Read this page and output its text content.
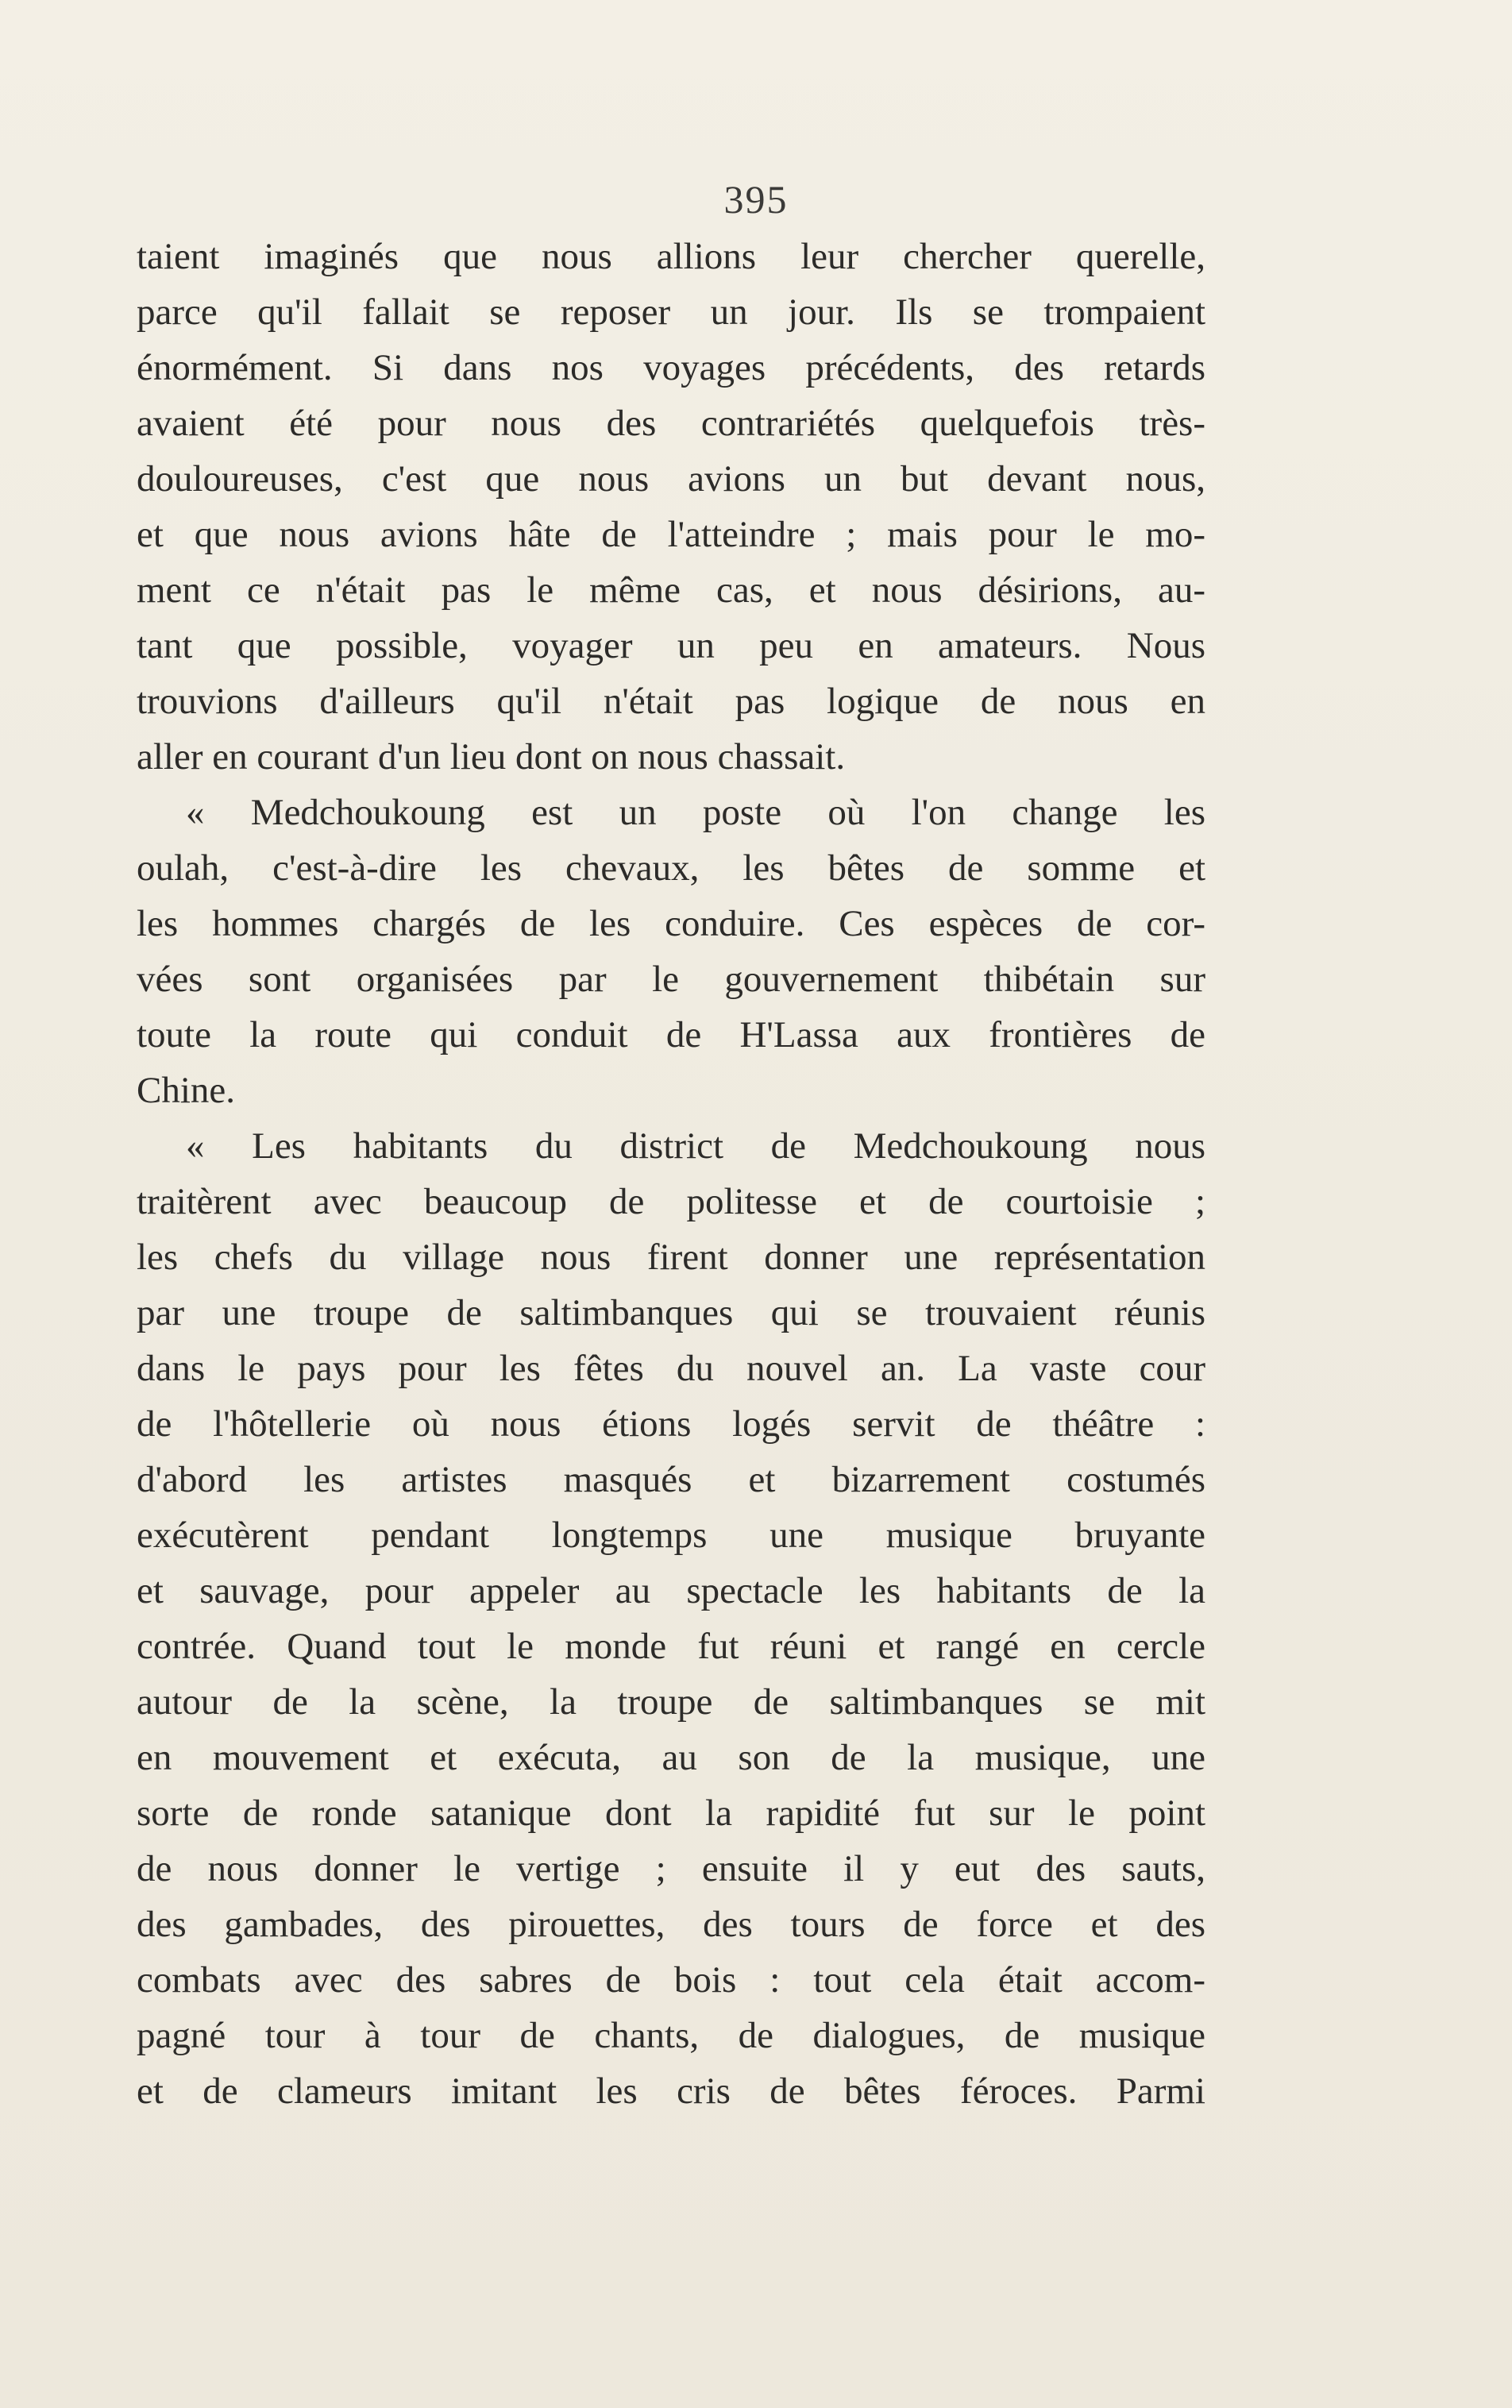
395
taient imaginés que nous allions leur chercher querelle,
parce qu'il fallait se reposer un jour. Ils se trompaient
énormément. Si dans nos voyages précédents, des retards
avaient été pour nous des contrariétés quelquefois très-
douloureuses, c'est que nous avions un but devant nous,
et que nous avions hâte de l'atteindre ; mais pour le mo-
ment ce n'était pas le même cas, et nous désirions, au-
tant que possible, voyager un peu en amateurs. Nous
trouvions d'ailleurs qu'il n'était pas logique de nous en
aller en courant d'un lieu dont on nous chassait.
« Medchoukoung est un poste où l'on change les
oulah, c'est-à-dire les chevaux, les bêtes de somme et
les hommes chargés de les conduire. Ces espèces de cor-
vées sont organisées par le gouvernement thibétain sur
toute la route qui conduit de H'Lassa aux frontières de
Chine.
« Les habitants du district de Medchoukoung nous
traitèrent avec beaucoup de politesse et de courtoisie ;
les chefs du village nous firent donner une représentation
par une troupe de saltimbanques qui se trouvaient réunis
dans le pays pour les fêtes du nouvel an. La vaste cour
de l'hôtellerie où nous étions logés servit de théâtre :
d'abord les artistes masqués et bizarrement costumés
exécutèrent pendant longtemps une musique bruyante
et sauvage, pour appeler au spectacle les habitants de la
contrée. Quand tout le monde fut réuni et rangé en cercle
autour de la scène, la troupe de saltimbanques se mit
en mouvement et exécuta, au son de la musique, une
sorte de ronde satanique dont la rapidité fut sur le point
de nous donner le vertige ; ensuite il y eut des sauts,
des gambades, des pirouettes, des tours de force et des
combats avec des sabres de bois : tout cela était accom-
pagné tour à tour de chants, de dialogues, de musique
et de clameurs imitant les cris de bêtes féroces. Parmi
